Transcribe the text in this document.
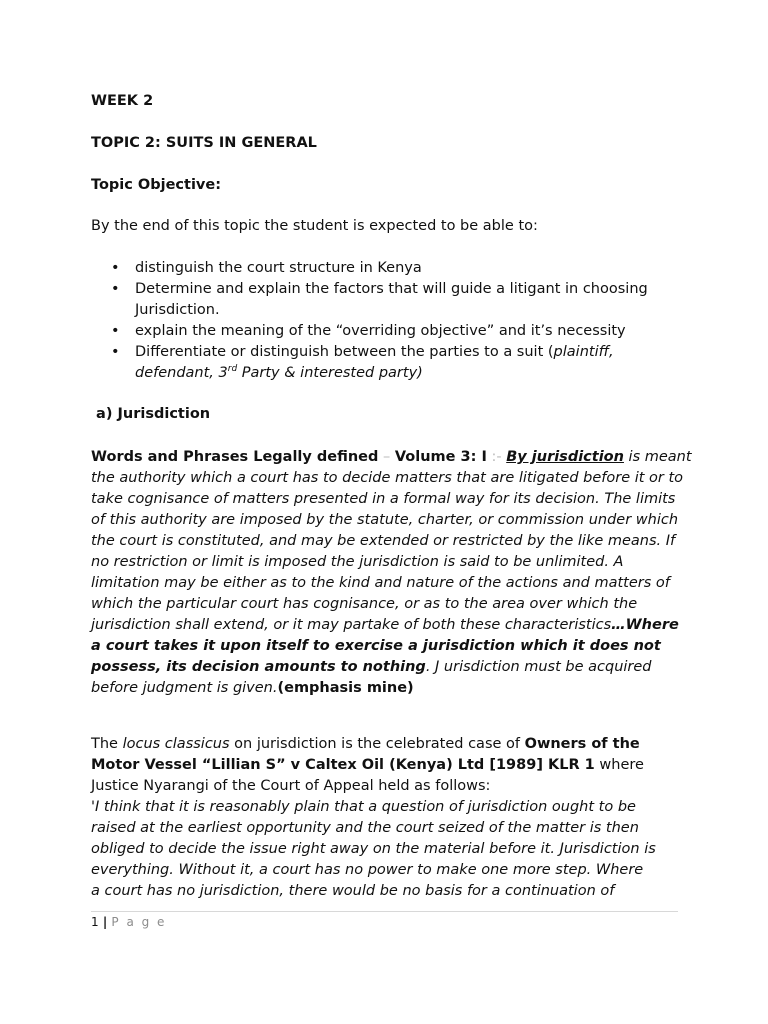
WEEK 2
TOPIC 2: SUITS IN GENERAL
Topic Objective:
By the end of this topic the student is expected to be able to:
• distinguish the court structure in Kenya
• Determine and explain the factors that will guide a litigant in choosing
Jurisdiction.
• explain the meaning of the “overriding objective” and it’s necessity
• Differentiate or distinguish between the parties to a suit (plaintiff,
defendant, 3rd Party & interested party)
a) Jurisdiction
Words and Phrases Legally defined – Volume 3: I :- By jurisdiction is meant
the authority which a court has to decide matters that are litigated before it or to
take cognisance of matters presented in a formal way for its decision. The limits
of this authority are imposed by the statute, charter, or commission under which
the court is constituted, and may be extended or restricted by the like means. If
no restriction or limit is imposed the jurisdiction is said to be unlimited. A
limitation may be either as to the kind and nature of the actions and matters of
which the particular court has cognisance, or as to the area over which the
jurisdiction shall extend, or it may partake of both these characteristics…Where
a court takes it upon itself to exercise a jurisdiction which it does not
possess, its decision amounts to nothing. J urisdiction must be acquired
before judgment is given.(emphasis mine)
The locus classicus on jurisdiction is the celebrated case of Owners of the
Motor Vessel “Lillian S” v Caltex Oil (Kenya) Ltd [1989] KLR 1 where
Justice Nyarangi of the Court of Appeal held as follows:
'I think that it is reasonably plain that a question of jurisdiction ought to be
raised at the earliest opportunity and the court seized of the matter is then
obliged to decide the issue right away on the material before it. Jurisdiction is
everything. Without it, a court has no power to make one more step. Where
a court has no jurisdiction, there would be no basis for a continuation of
1 | P a g e
